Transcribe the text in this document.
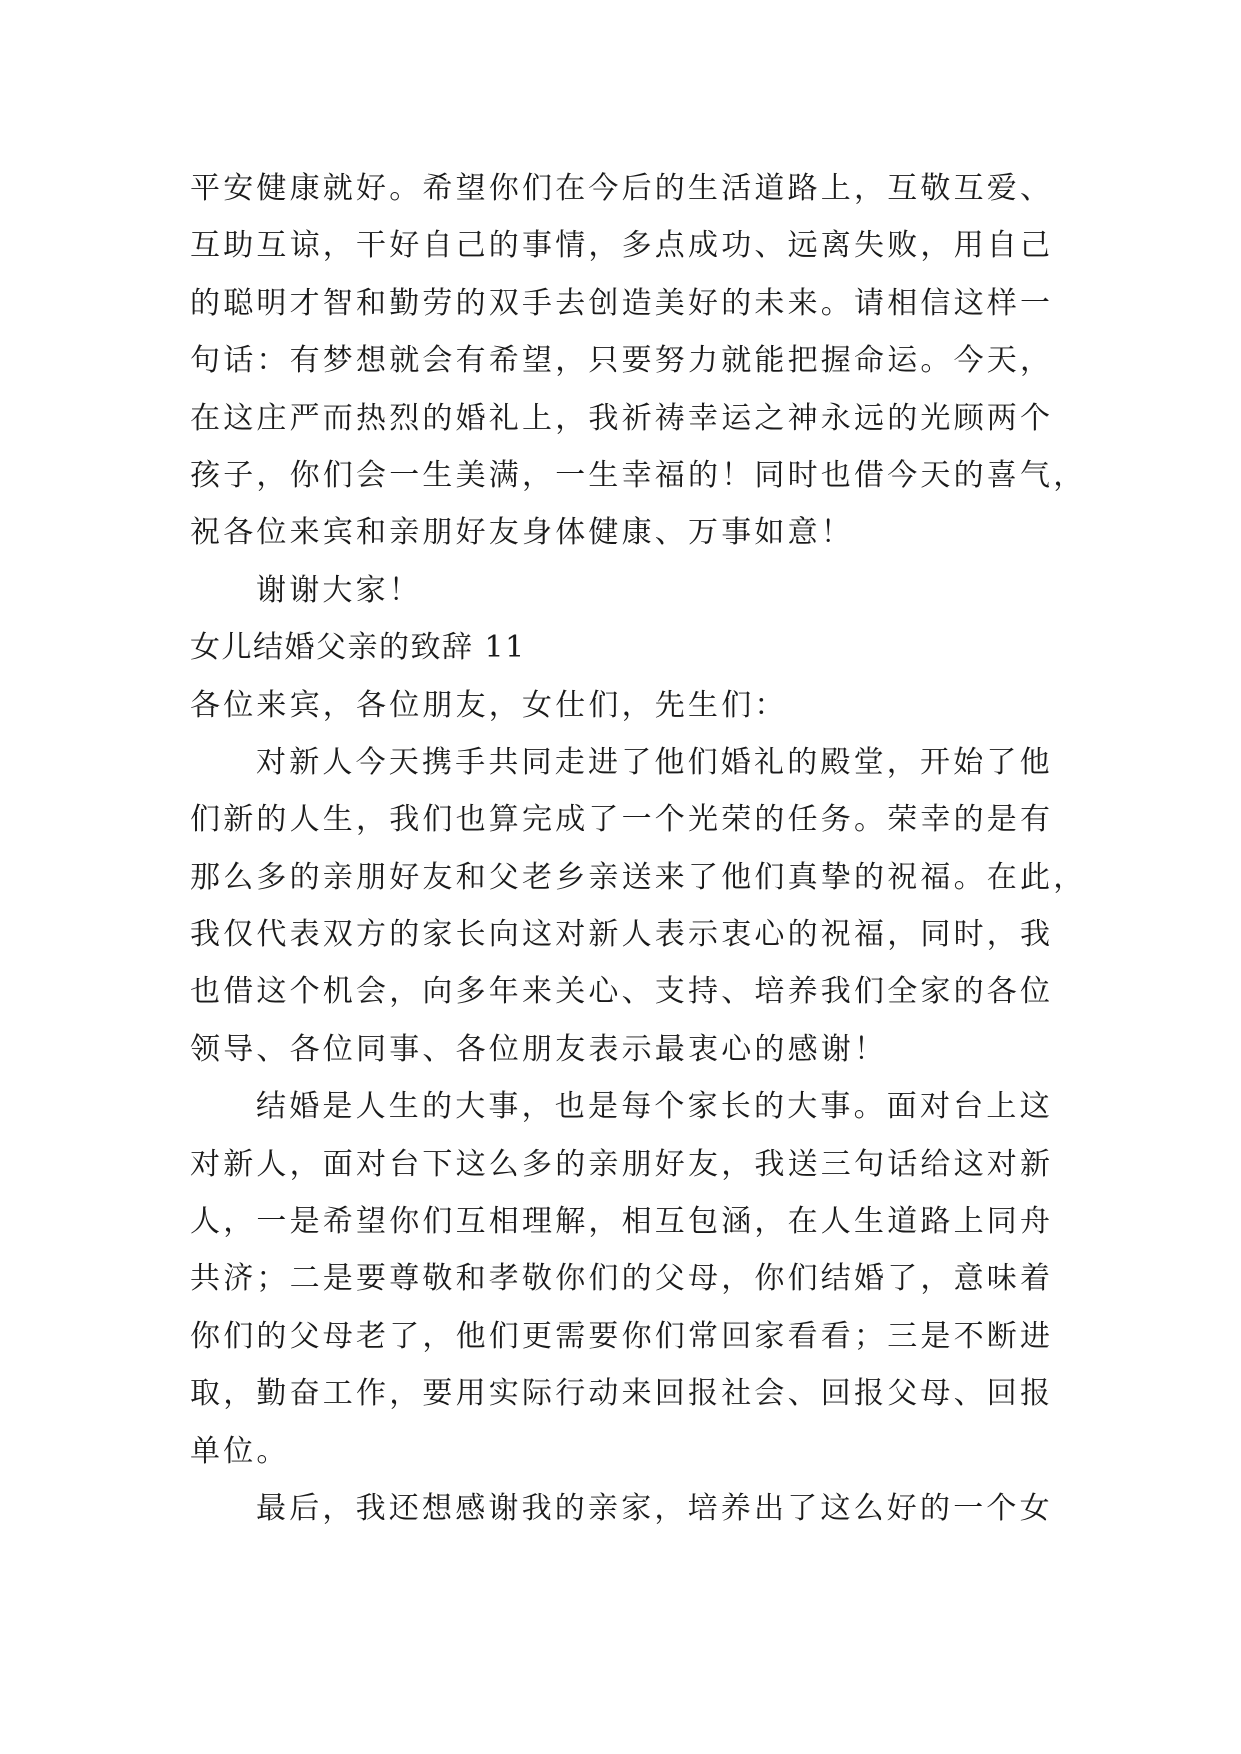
平安健康就好。希望你们在今后的生活道路上，互敬互爱、
互助互谅，干好自己的事情，多点成功、远离失败，用自己
的聪明才智和勤劳的双手去创造美好的未来。请相信这样一
句话：有梦想就会有希望，只要努力就能把握命运。今天，
在这庄严而热烈的婚礼上，我祈祷幸运之神永远的光顾两个
孩子，你们会一生美满，一生幸福的！同时也借今天的喜气，
祝各位来宾和亲朋好友身体健康、万事如意！
谢谢大家！
女儿结婚父亲的致辞 11
各位来宾，各位朋友，女仕们，先生们：
对新人今天携手共同走进了他们婚礼的殿堂，开始了他
们新的人生，我们也算完成了一个光荣的任务。荣幸的是有
那么多的亲朋好友和父老乡亲送来了他们真挚的祝福。在此，
我仅代表双方的家长向这对新人表示衷心的祝福，同时，我
也借这个机会，向多年来关心、支持、培养我们全家的各位
领导、各位同事、各位朋友表示最衷心的感谢！
结婚是人生的大事，也是每个家长的大事。面对台上这
对新人，面对台下这么多的亲朋好友，我送三句话给这对新
人，一是希望你们互相理解，相互包涵，在人生道路上同舟
共济；二是要尊敬和孝敬你们的父母，你们结婚了，意味着
你们的父母老了，他们更需要你们常回家看看；三是不断进
取，勤奋工作，要用实际行动来回报社会、回报父母、回报
单位。
最后，我还想感谢我的亲家，培养出了这么好的一个女
